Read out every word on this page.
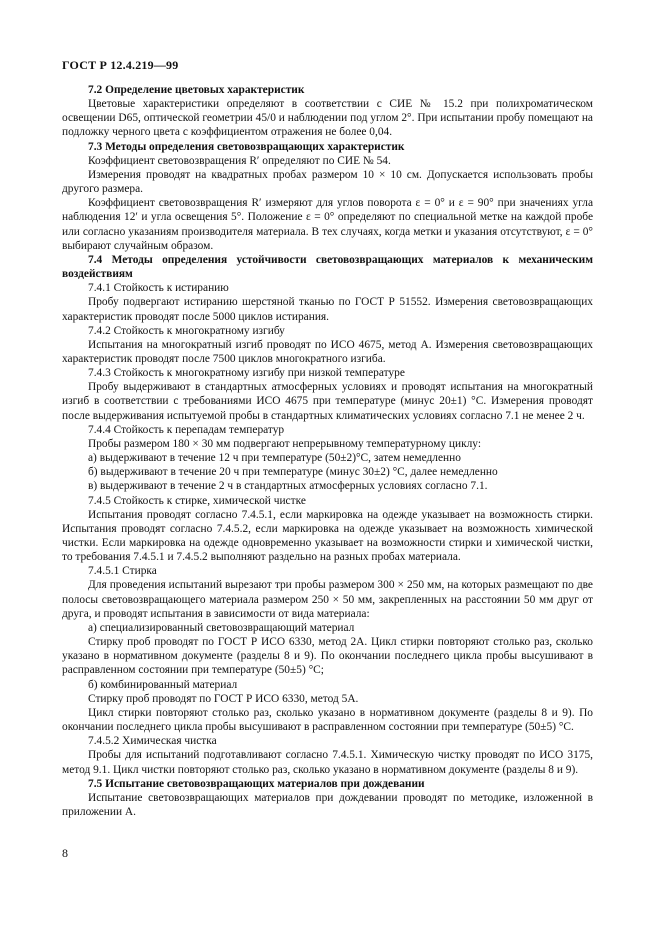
ГОСТ Р 12.4.219—99

7.2 Определение цветовых характеристик

Цветовые характеристики определяют в соответствии с СИЕ № 15.2 при полихроматическом освещении D65, оптической геометрии 45/0 и наблюдении под углом 2°. При испытании пробу помещают на подложку черного цвета с коэффициентом отражения не более 0,04.

7.3 Методы определения световозвращающих характеристик

Коэффициент световозвращения R′ определяют по СИЕ № 54.

Измерения проводят на квадратных пробах размером 10 × 10 см. Допускается использовать пробы другого размера.

Коэффициент световозвращения R′ измеряют для углов поворота ε = 0° и ε = 90° при значениях угла наблюдения 12′ и угла освещения 5°. Положение ε = 0° определяют по специальной метке на каждой пробе или согласно указаниям производителя материала. В тех случаях, когда метки и указания отсутствуют, ε = 0° выбирают случайным образом.

7.4 Методы определения устойчивости световозвращающих материалов к механическим воздействиям

7.4.1 Стойкость к истиранию

Пробу подвергают истиранию шерстяной тканью по ГОСТ Р 51552. Измерения световозвращающих характеристик проводят после 5000 циклов истирания.

7.4.2 Стойкость к многократному изгибу

Испытания на многократный изгиб проводят по ИСО 4675, метод А. Измерения световозвращающих характеристик проводят после 7500 циклов многократного изгиба.

7.4.3 Стойкость к многократному изгибу при низкой температуре

Пробу выдерживают в стандартных атмосферных условиях и проводят испытания на многократный изгиб в соответствии с требованиями ИСО 4675 при температуре (минус 20±1) °C. Измерения проводят после выдерживания испытуемой пробы в стандартных климатических условиях согласно 7.1 не менее 2 ч.

7.4.4 Стойкость к перепадам температур

Пробы размером 180 × 30 мм подвергают непрерывному температурному циклу:

а) выдерживают в течение 12 ч при температуре (50±2)°C, затем немедленно

б) выдерживают в течение 20 ч при температуре (минус 30±2) °C, далее немедленно

в) выдерживают в течение 2 ч в стандартных атмосферных условиях согласно 7.1.

7.4.5 Стойкость к стирке, химической чистке

Испытания проводят согласно 7.4.5.1, если маркировка на одежде указывает на возможность стирки. Испытания проводят согласно 7.4.5.2, если маркировка на одежде указывает на возможность химической чистки. Если маркировка на одежде одновременно указывает на возможности стирки и химической чистки, то требования 7.4.5.1 и 7.4.5.2 выполняют раздельно на разных пробах материала.

7.4.5.1 Стирка

Для проведения испытаний вырезают три пробы размером 300 × 250 мм, на которых размещают по две полосы световозвращающего материала размером 250 × 50 мм, закрепленных на расстоянии 50 мм друг от друга, и проводят испытания в зависимости от вида материала:

а) специализированный световозвращающий материал

Стирку проб проводят по ГОСТ Р ИСО 6330, метод 2А. Цикл стирки повторяют столько раз, сколько указано в нормативном документе (разделы 8 и 9). По окончании последнего цикла пробы высушивают в расправленном состоянии при температуре (50±5) °C;

б) комбинированный материал

Стирку проб проводят по ГОСТ Р ИСО 6330, метод 5А.

Цикл стирки повторяют столько раз, сколько указано в нормативном документе (разделы 8 и 9). По окончании последнего цикла пробы высушивают в расправленном состоянии при температуре (50±5) °C.

7.4.5.2 Химическая чистка

Пробы для испытаний подготавливают согласно 7.4.5.1. Химическую чистку проводят по ИСО 3175, метод 9.1. Цикл чистки повторяют столько раз, сколько указано в нормативном документе (разделы 8 и 9).

7.5 Испытание световозвращающих материалов при дождевании

Испытание световозвращающих материалов при дождевании проводят по методике, изложенной в приложении А.

8
